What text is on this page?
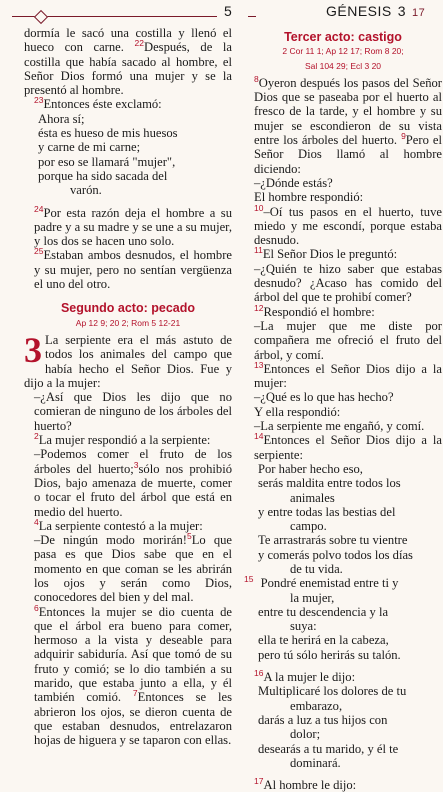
5	GÉNESIS 3 17

dormía le sacó una costilla y llenó el hueco con carne. $^{22}$Después, de la costilla que había sacado al hombre, el Señor Dios formó una mujer y se la presentó al hombre.

$^{23}$Entonces éste exclamó:

Ahora sí;

ésta es hueso de mis huesos

y carne de mi carne;

por eso se llamará "mujer",

porque ha sido sacada del

varón.

$^{24}$Por esta razón deja el hombre a su padre y a su madre y se une a su mujer, y los dos se hacen uno solo.

$^{25}$Estaban ambos desnudos, el hombre y su mujer, pero no sentían vergüenza el uno del otro.

Segundo acto: pecado
Ap 12 9; 20 2; Rom 5 12-21

3 La serpiente era el más astuto de todos los animales del campo que había hecho el Señor Dios. Fue y dijo a la mujer:

–¿Así que Dios les dijo que no comieran de ninguno de los árboles del huerto?

$^2$La mujer respondió a la serpiente:

–Podemos comer el fruto de los árboles del huerto;$^3$sólo nos prohibió Dios, bajo amenaza de muerte, comer o tocar el fruto del árbol que está en medio del huerto.

$^4$La serpiente contestó a la mujer:

–De ningún modo morirán!$^5$Lo que pasa es que Dios sabe que en el momento en que coman se les abrirán los ojos y serán como Dios, conocedores del bien y del mal.

$^6$Entonces la mujer se dio cuenta de que el árbol era bueno para comer, hermoso a la vista y deseable para adquirir sabiduría. Así que tomó de su fruto y comió; se lo dio también a su marido, que estaba junto a ella, y él también comió. $^7$Entonces se les abrieron los ojos, se dieron cuenta de que estaban desnudos, entrelazaron hojas de higuera y se taparon con ellas.

Tercer acto: castigo
2 Cor 11 1; Ap 12 17; Rom 8 20;
Sal 104 29; Ecl 3 20

$^8$Oyeron después los pasos del Señor Dios que se paseaba por el huerto al fresco de la tarde, y el hombre y su mujer se escondieron de su vista entre los árboles del huerto. $^9$Pero el Señor Dios llamó al hombre diciendo:

–¿Dónde estás?

El hombre respondió:

$^{10}$–Oí tus pasos en el huerto, tuve miedo y me escondí, porque estaba desnudo.

$^{11}$El Señor Dios le preguntó:

–¿Quién te hizo saber que estabas desnudo? ¿Acaso has comido del árbol del que te prohibí comer?

$^{12}$Respondió el hombre:

–La mujer que me diste por compañera me ofreció el fruto del árbol, y comí.

$^{13}$Entonces el Señor Dios dijo a la mujer:

–¿Qué es lo que has hecho?

Y ella respondió:

–La serpiente me engañó, y comí.

$^{14}$Entonces el Señor Dios dijo a la serpiente:

Por haber hecho eso,

serás maldita entre todos los

animales

y entre todas las bestias del

campo.

Te arrastrarás sobre tu vientre

y comerás polvo todos los días

de tu vida.

$^{15}$ Pondré enemistad entre ti y

la mujer,

entre tu descendencia y la

suya:

ella te herirá en la cabeza,

pero tú sólo herirás su talón.

$^{16}$A la mujer le dijo:

Multiplicaré los dolores de tu

embarazo,

darás a luz a tus hijos con

dolor;

desearás a tu marido, y él te

dominará.

$^{17}$Al hombre le dijo:
